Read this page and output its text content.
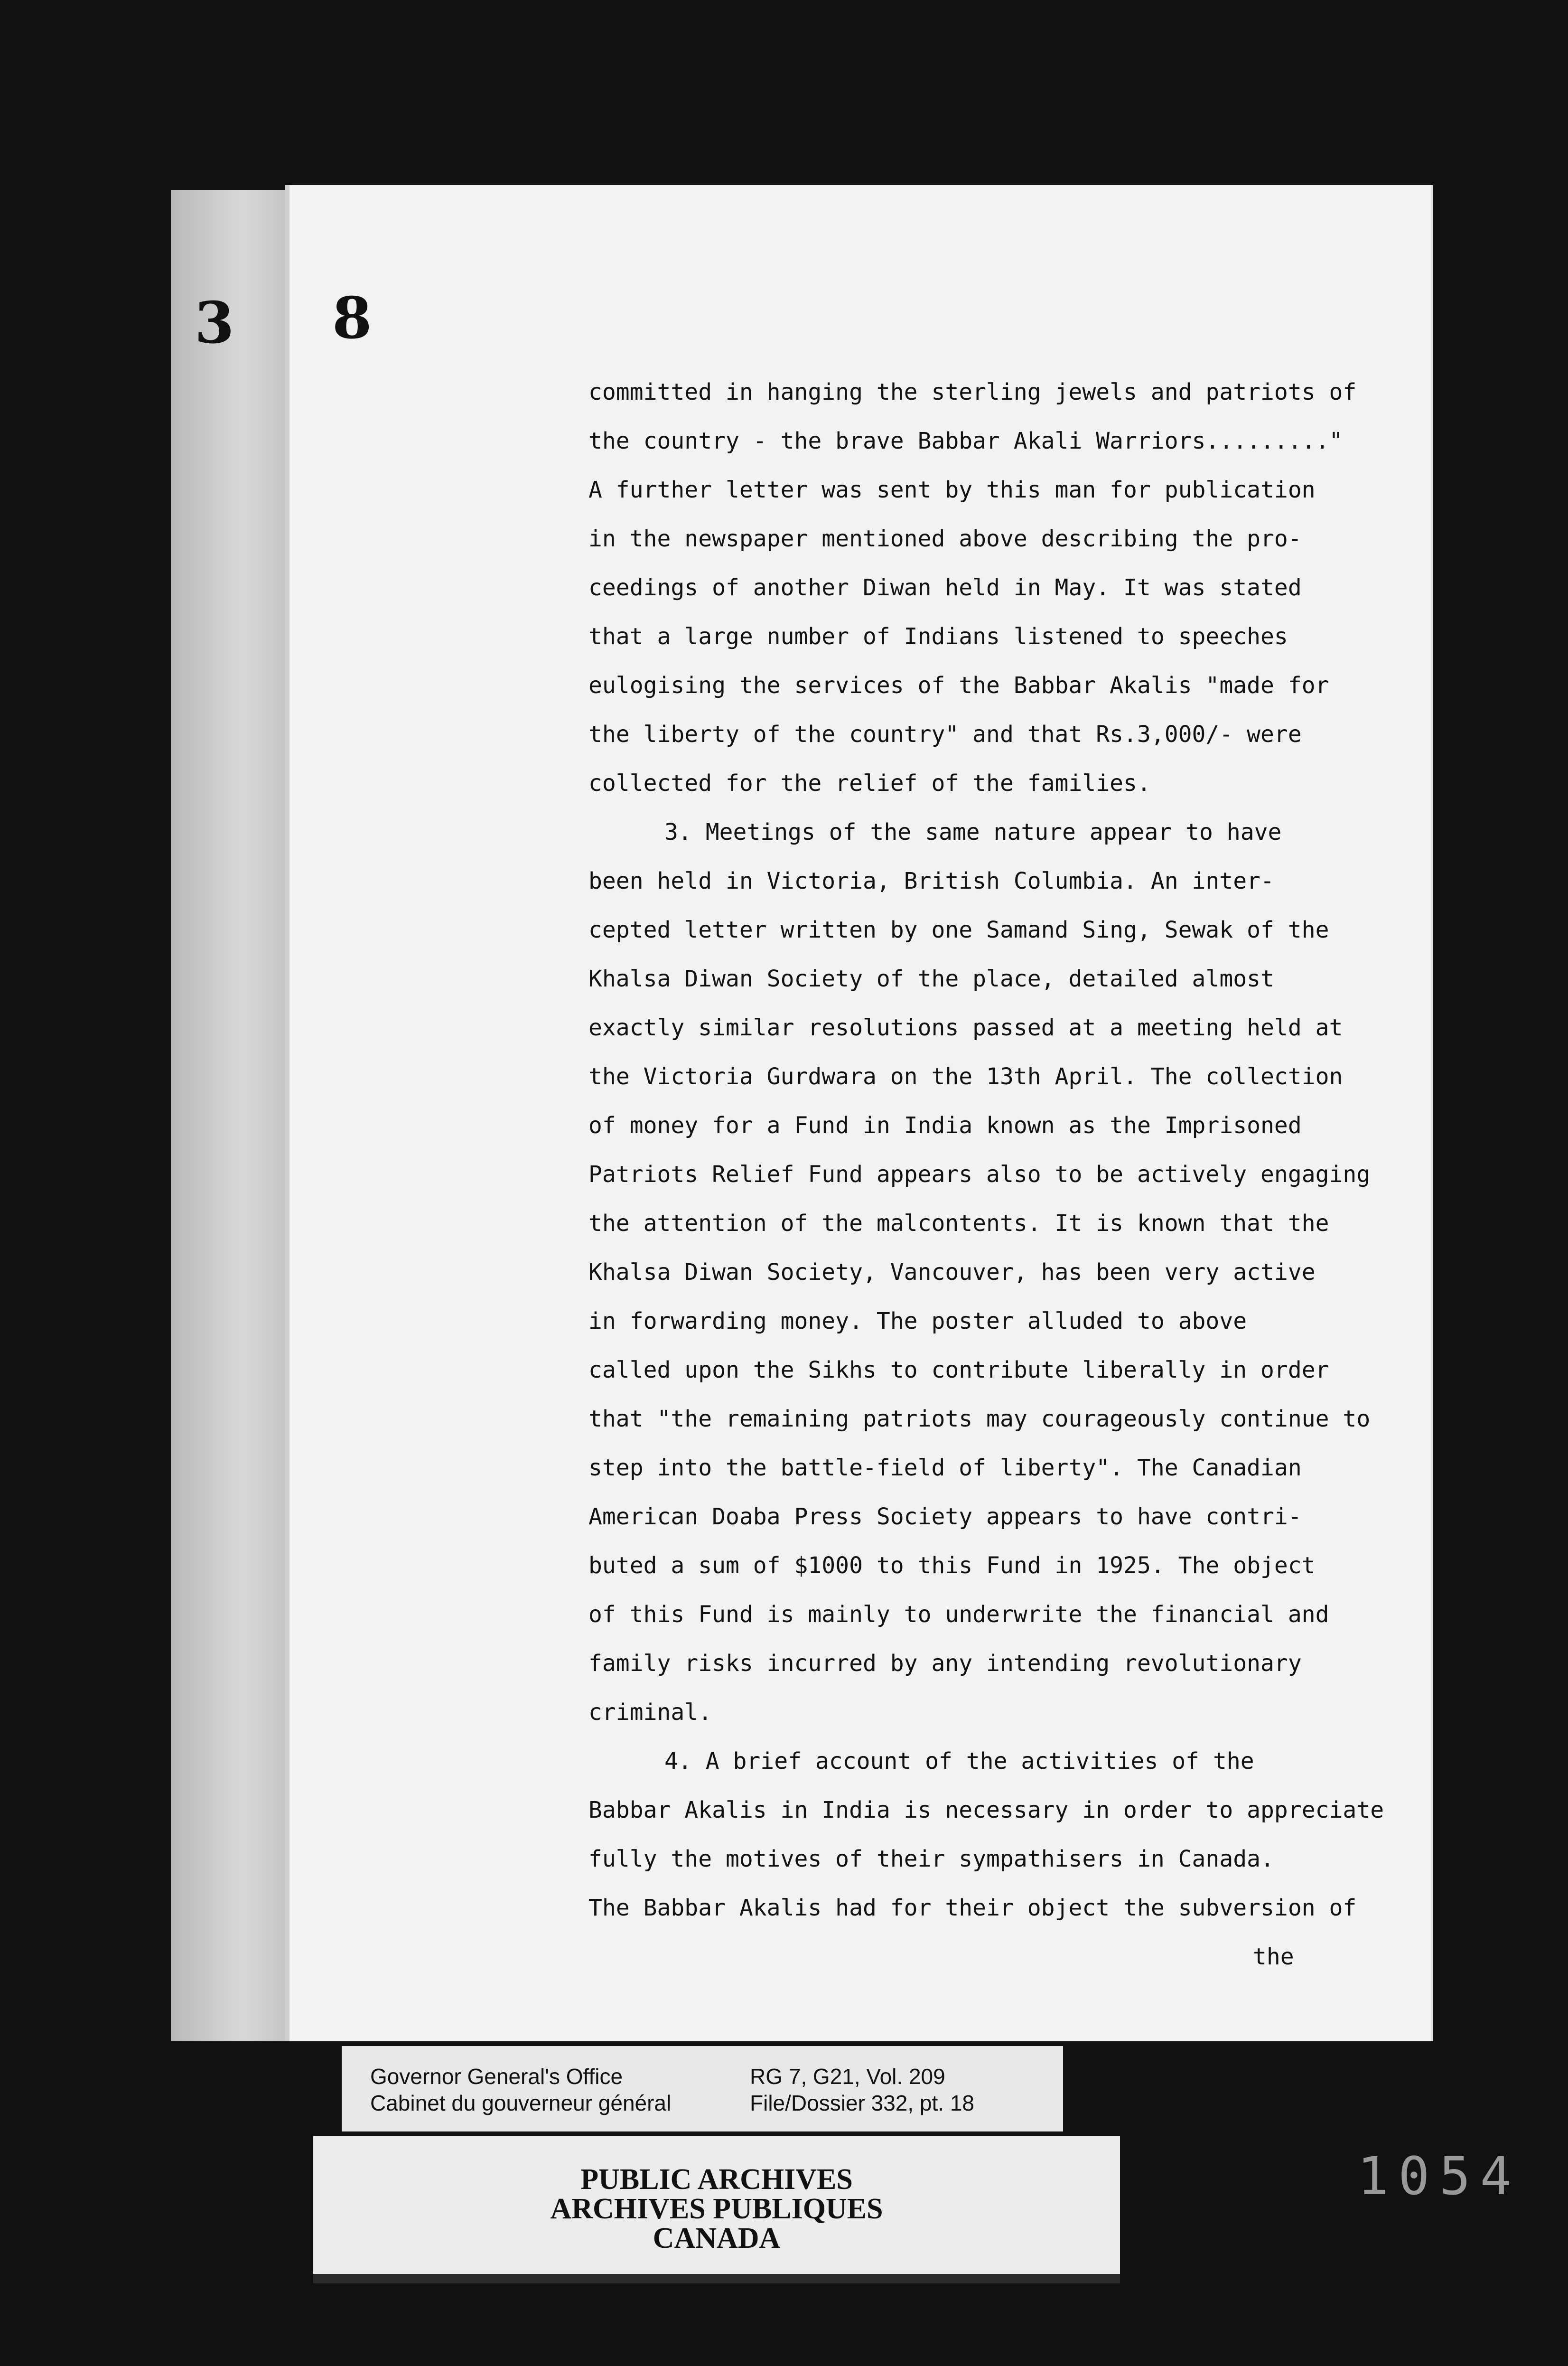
3 8
committed in hanging the sterling jewels and patriots of
the country - the brave Babbar Akali Warriors........."
A further letter was sent by this man for publication
in the newspaper mentioned above describing the pro-
ceedings of another Diwan held in May. It was stated
that a large number of Indians listened to speeches
eulogising the services of the Babbar Akalis "made for
the liberty of the country" and that Rs.3,000/- were
collected for the relief of the families.
3. Meetings of the same nature appear to have
been held in Victoria, British Columbia. An inter-
cepted letter written by one Samand Sing, Sewak of the
Khalsa Diwan Society of the place, detailed almost
exactly similar resolutions passed at a meeting held at
the Victoria Gurdwara on the 13th April. The collection
of money for a Fund in India known as the Imprisoned
Patriots Relief Fund appears also to be actively engaging
the attention of the malcontents. It is known that the
Khalsa Diwan Society, Vancouver, has been very active
in forwarding money. The poster alluded to above
called upon the Sikhs to contribute liberally in order
that "the remaining patriots may courageously continue to
step into the battle-field of liberty". The Canadian
American Doaba Press Society appears to have contri-
buted a sum of $1000 to this Fund in 1925. The object
of this Fund is mainly to underwrite the financial and
family risks incurred by any intending revolutionary
criminal.
4. A brief account of the activities of the
Babbar Akalis in India is necessary in order to appreciate
fully the motives of their sympathisers in Canada.
The Babbar Akalis had for their object the subversion of
the
Governor General's Office
Cabinet du gouverneur général
RG 7, G21, Vol. 209
File/Dossier 332, pt. 18
PUBLIC ARCHIVES
ARCHIVES PUBLIQUES
CANADA
1054
